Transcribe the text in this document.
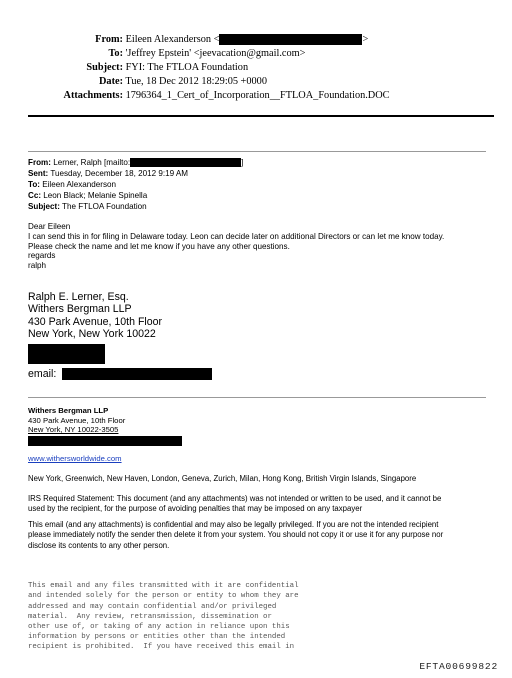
From: Eileen Alexanderson <	>
To: 'Jeffrey Epstein' <jeevacation@gmail.com>
Subject: FYI: The FTLOA Foundation
Date: Tue, 18 Dec 2012 18:29:05 +0000
Attachments: 1796364_1_Cert_of_Incorporation__FTLOA_Foundation.DOC
From: Lerner, Ralph [mailto:	]
Sent: Tuesday, December 18, 2012 9:19 AM
To: Eileen Alexanderson
Cc: Leon Black; Melanie Spinella
Subject: The FTLOA Foundation
Dear Eileen
I can send this in for filing in Delaware today. Leon can decide later on additional Directors or can let me know today.
Please check the name and let me know if you have any other questions.
regards
ralph
Ralph E. Lerner, Esq.
Withers Bergman LLP
430 Park Avenue, 10th Floor
New York, New York 10022
email:
Withers Bergman LLP
430 Park Avenue, 10th Floor
New York, NY 10022-3505
www.withersworldwide.com
New York, Greenwich, New Haven, London, Geneva, Zurich, Milan, Hong Kong, British Virgin Islands, Singapore
IRS Required Statement: This document (and any attachments) was not intended or written to be used, and it cannot be
used by the recipient, for the purpose of avoiding penalties that may be imposed on any taxpayer
This email (and any attachments) is confidential and may also be legally privileged. If you are not the intended recipient
please immediately notify the sender then delete it from your system. You should not copy it or use it for any purpose nor
disclose its contents to any other person.

This email and any files transmitted with it are confidential
and intended solely for the person or entity to whom they are
addressed and may contain confidential and/or privileged
material.  Any review, retransmission, dissemination or
other use of, or taking of any action in reliance upon this
information by persons or entities other than the intended
recipient is prohibited.  If you have received this email in

EFTA00699822
